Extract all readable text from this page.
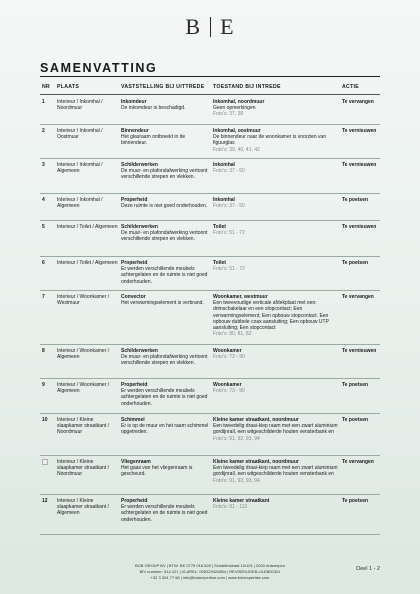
B E
SAMENVATTING
NR PLAATS	VASTSTELLING BIJ UITTREDE TOESTAND BIJ INTREDE	ACTIE
1 Interieur / Inkomhal / Noordmuur
Inkomdeur
De inkomdeur is beschadigd.
Inkomhal, noordmuur
Geen opmerkingen
Foto's: 37, 38
Te vervangen
2 Interieur / Inkomhal / Oostmuur
Binnendeur
Het glasraam ontbreekt in de binnendeur.
Inkomhal, oostmuur
De binnendeur naar de woonkamer is voorzien van figuurglas
Foto's: 39, 40, 41, 42
Te vernieuwen
3 Interieur / Inkomhal / Algemeen
Schilderwerken
De muur- en plafondafwerking vertoont verschillende strepen en vlekken.
Inkomhal
Foto's: 37 - 50
Te vernieuwen
4 Interieur / Inkomhal / Algemeen
Properheid
Deze ruimte is niet goed onderhouden.
Inkomhal
Foto's: 37 - 50
Te poetsen
5 Interieur / Toilet / Algemeen Schilderwerken
De muur- en plafondafwerking vertoont verschillende strepen en vlekken.
Toilet
Foto's: 51 - 72
Te vernieuwen
6 Interieur / Toilet / Algemeen Properheid
Er werden verschillende meubels achtergelaten en de ruimte is niet goed onderhouden.
Toilet
Foto's: 51 - 72
Te poetsen
7 Interieur / Woonkamer / Westmuur
Convector
Het verwarmingselement is verbrand.
Woonkamer, westmuur
Een tweevoudige verticale afdekplaat met een: drimschakelaar en een stopcontact; Een verwarmingselement; Een opbouw stopcontact. Een opbouw dubbele coax aansluiting; Een opbouw UTP aansluiting; Een stopcontact
Foto's: 80, 81, 82
Te vervangen
8 Interieur / Woonkamer / Algemeen
Schilderwerken
De muur- en plafondafwerking vertoont verschillende strepen en vlekken.
Woonkamer
Foto's: 73 - 90
Te vernieuwen
9 Interieur / Woonkamer / Algemeen
Properheid
Er werden verschillende meubels achtergelaten en de ruimte is niet goed onderhouden.
Woonkamer
Foto's: 73 - 90
Te poetsen
10 Interieur / Kleine slaapkamer straatkant / Noordmuur
Schimmel
Er is op de muur en het raam schimmel opgetreden.
Kleine kamer straatkant, noordmuur
Een tweedelig draai-kiep raam met een zwart aluminium gordijnrail, een witgeschilderde houten vensterbank en
Foto's: 91, 92, 93, 94
Te poetsen
Interieur / Kleine slaapkamer straatkant / Noordmuur
Vliegenraam
Het gaas van het vliegenraam is gescheurd.
Kleine kamer straatkant, noordmuur
Een tweedelig draai-kiep raam met een zwart aluminium gordijnrail, een witgeschilderde houten vensterbank en
Foto's: 91, 92, 93, 94
Te vervangen
12 Interieur / Kleine slaapkamer straatkant / Algemeen
Properheid
Er werden verschillende meubels achtergelaten en de ruimte is niet goed onderhouden.
Kleine kamer straatkant
Foto's: 91 - 112
Te poetsen
BOB GROUP BV | BTW: BE 0779 018 526 | Schaliënstraat 10/101 | 2000 Antwerpen
BIV nummer: 514.121 | VLAREL: 005229420854 | REVISIE/UGEB-ULEB00301
+32 3 304 77 66 | info@bobexpertise.com | www.bobexpertise.com
Deel 1 - 2
